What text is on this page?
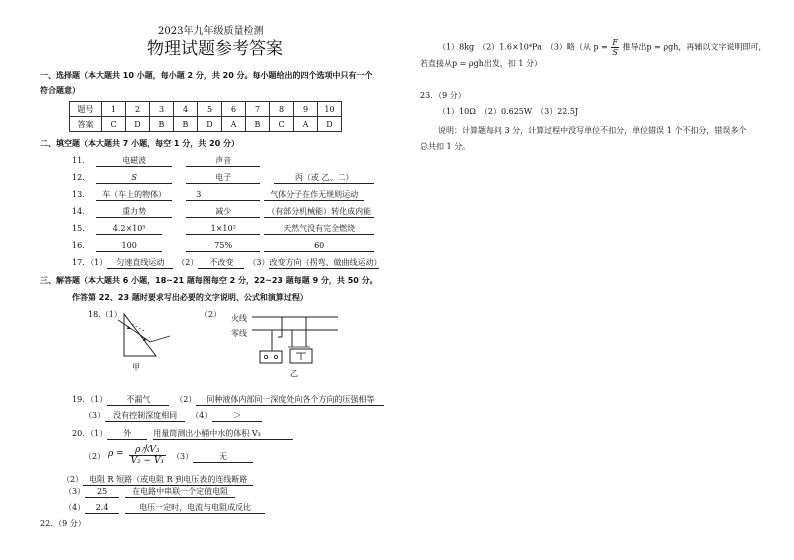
2023年九年级质量检测
物理试题参考答案
一、选择题（本大题共 10 小题，每小题 2 分，共 20 分。每小题给出的四个选项中只有一个
符合题意）
题号	1	2	3	4	5	6	7	8	9	10
答案	C	D	B	B	D	A	B	C	A	D
二、填空题（本大题共 7 小题，每空 1 分，共 20 分）
11．	电磁波	声音
12．	S	电子	丙（或 乙、二）
13． 车（车上的物体）	3	气体分子在作无规则运动
14．	重力势	减少	（有部分机械能）转化成内能
15．	4.2×10⁵	1×10²	天然气没有完全燃烧
16．	100	75%	60
17．（1） 匀速直线运动 （2） 不改变 （3）改变方向（拐弯、做曲线运动）
三、解答题（本大题共 6 小题，18~21 题每图每空 2 分，22~23 题每题 9 分，共 50 分。
作答第 22、23 题时要求写出必要的文字说明、公式和演算过程）
18.（1）	（2）
甲
火线
零线
乙
19．（1） 不漏气	（2） 同种液体内部同一深度处向各个方向的压强相等
（3） 没有控制深度相同 （4）	＞
20．（1） 外	用量筒测出小桶中水的体积 V₃
（2） ρ =	ρ水V₃
V₂ − V₁ （3）	无
（2） 电阻 R 短路（或电阻 R 到电压表的连线断路
（3） 25	在电路中串联一个定值电阻
（4） 2.4	电压一定时，电流与电阻成反比
22．（9 分）
（1）8kg　（2）1.6×10⁴Pa　（3）略（从 $p = \frac{F}{S}$ 推导出p = ρgh，再辅以文字说明即可，
若直接从p = ρgh出发，扣 1 分）
23．（9 分）
（1）10Ω　（2）0.625W　（3）22.5J
说明：计算题每问 3 分，计算过程中没写单位不扣分，单位错误 1 个不扣分，错误多个
总共扣 1 分。
